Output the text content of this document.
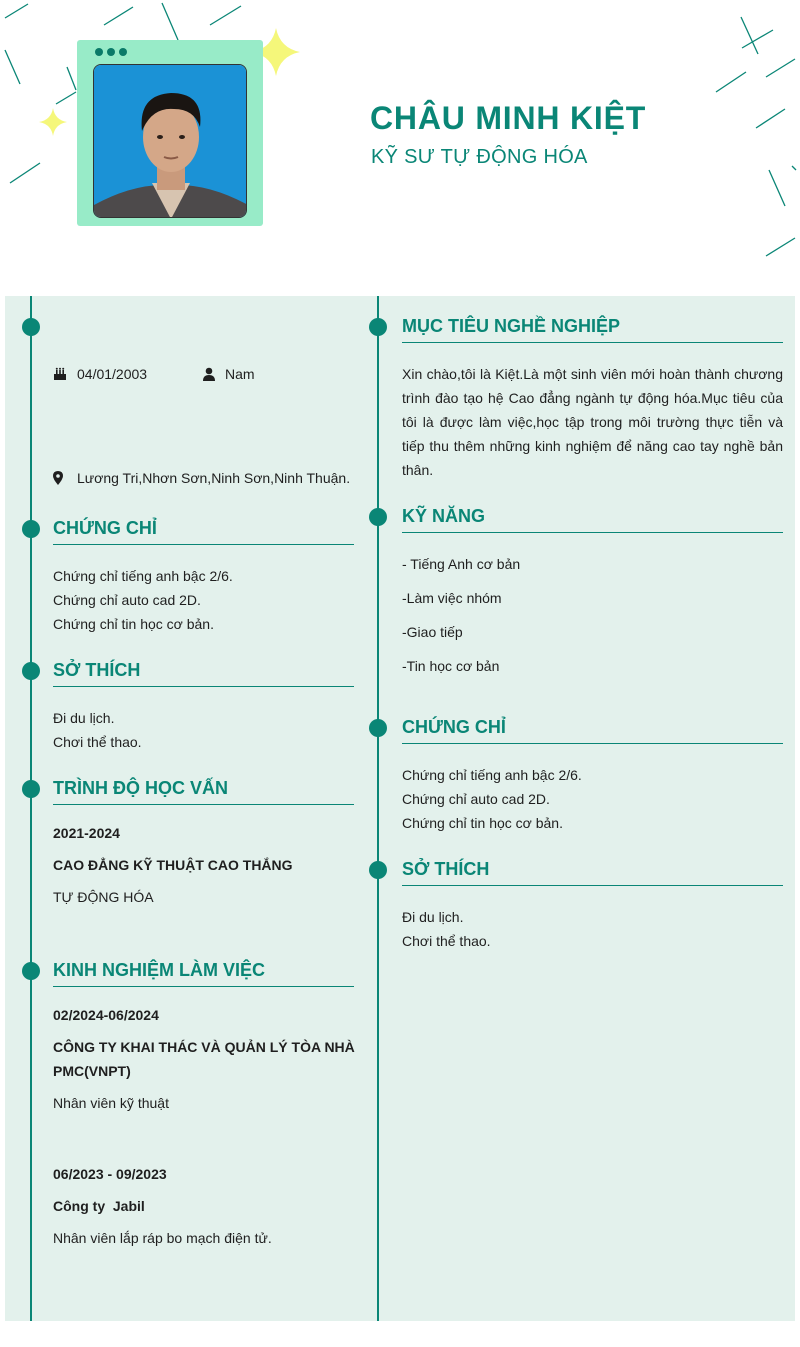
CHÂU MINH KIỆT
KỸ SƯ TỰ ĐỘNG HÓA
04/01/2003	Nam
Lương Tri,Nhơn Sơn,Ninh Sơn,Ninh Thuận.
CHỨNG CHỈ
Chứng chỉ tiếng anh bậc 2/6.
Chứng chỉ auto cad 2D.
Chứng chỉ tin học cơ bản.
SỞ THÍCH
Đi du lịch.
Chơi thể thao.
TRÌNH ĐỘ HỌC VẤN
2021-2024
CAO ĐẲNG KỸ THUẬT CAO THẮNG
TỰ ĐỘNG HÓA
KINH NGHIỆM LÀM VIỆC
02/2024-06/2024
CÔNG TY KHAI THÁC VÀ QUẢN LÝ TÒA NHÀ
PMC(VNPT)
Nhân viên kỹ thuật
06/2023 - 09/2023
Công ty  Jabil
Nhân viên lắp ráp bo mạch điện tử.
MỤC TIÊU NGHỀ NGHIỆP
Xin chào,tôi là Kiệt.Là một sinh viên mới hoàn thành chương
trình đào tạo hệ Cao đẳng ngành tự động hóa.Mục tiêu của
tôi là được làm việc,học tập trong môi trường thực tiễn và
tiếp thu thêm những kinh nghiệm để năng cao tay nghề bản
thân.
KỸ NĂNG
- Tiếng Anh cơ bản
-Làm việc nhóm
-Giao tiếp
-Tin học cơ bản
CHỨNG CHỈ
Chứng chỉ tiếng anh bậc 2/6.
Chứng chỉ auto cad 2D.
Chứng chỉ tin học cơ bản.
SỞ THÍCH
Đi du lịch.
Chơi thể thao.
